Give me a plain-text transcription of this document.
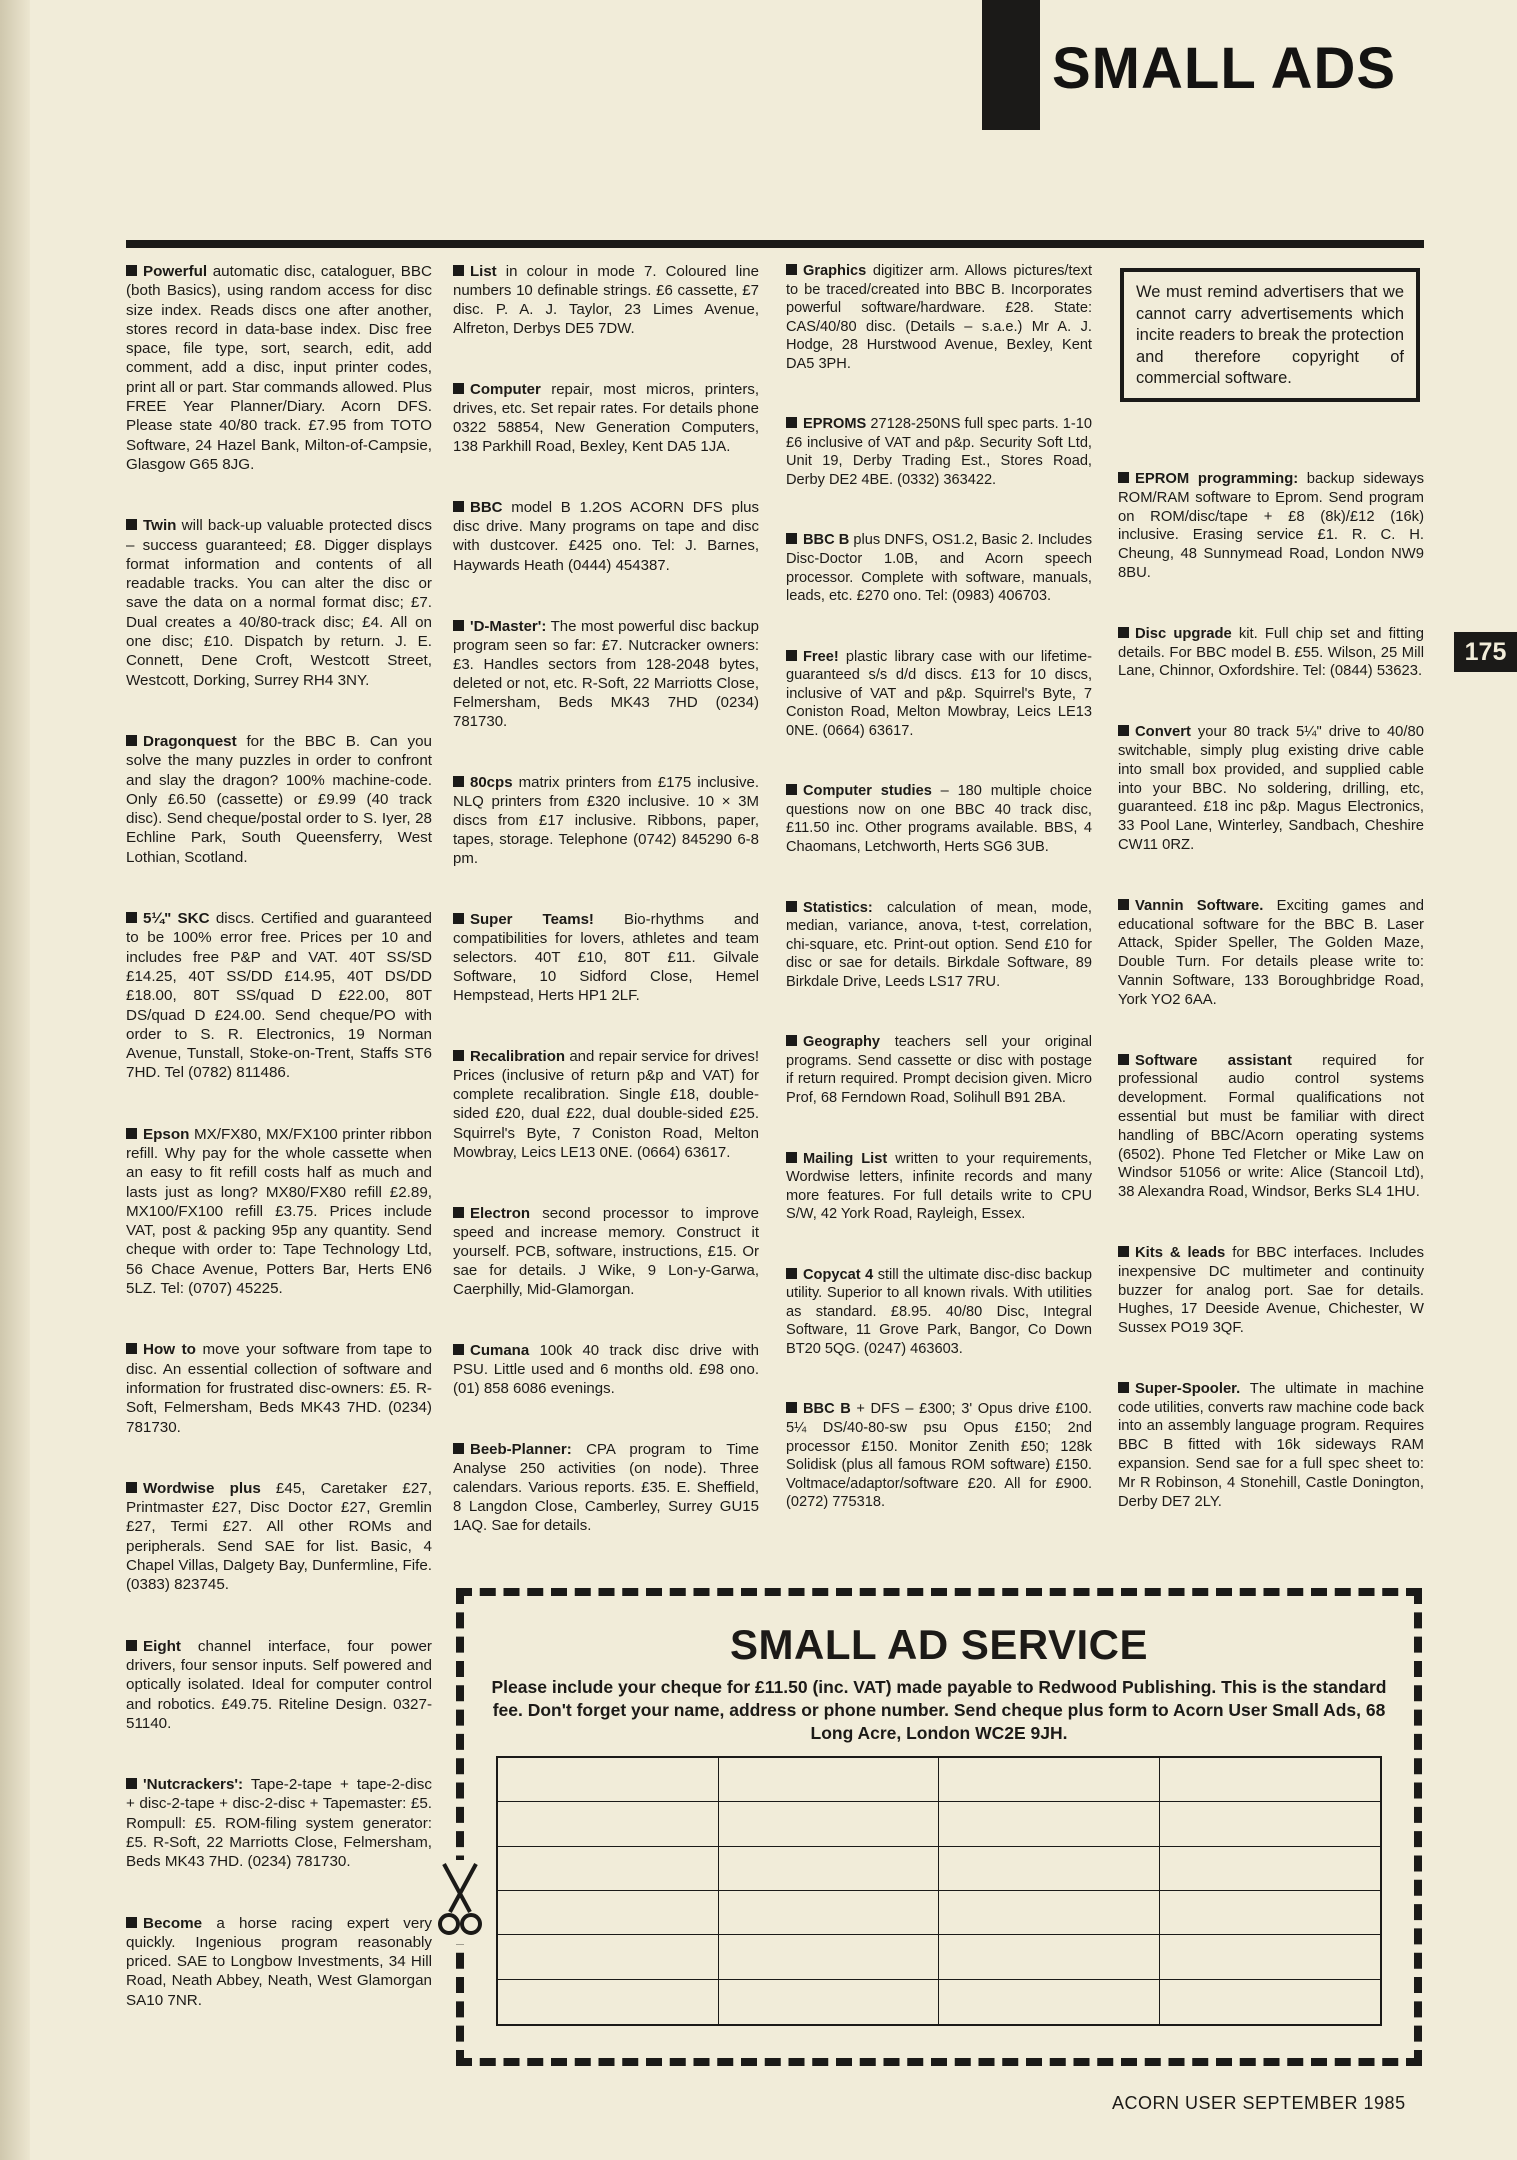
SMALL ADS
175

Powerful automatic disc, cataloguer, BBC (both Basics), using random access for disc size index. Reads discs one after another, stores record in data-base index. Disc free space, file type, sort, search, edit, add comment, add a disc, input printer codes, print all or part. Star commands allowed. Plus FREE Year Planner/Diary. Acorn DFS. Please state 40/80 track. £7.95 from TOTO Software, 24 Hazel Bank, Milton-of-Campsie, Glasgow G65 8JG.

Twin will back-up valuable protected discs – success guaranteed; £8. Digger displays format information and contents of all readable tracks. You can alter the disc or save the data on a normal format disc; £7. Dual creates a 40/80-track disc; £4. All on one disc; £10. Dispatch by return. J. E. Connett, Dene Croft, Westcott Street, Westcott, Dorking, Surrey RH4 3NY.

Dragonquest for the BBC B. Can you solve the many puzzles in order to confront and slay the dragon? 100% machine-code. Only £6.50 (cassette) or £9.99 (40 track disc). Send cheque/postal order to S. Iyer, 28 Echline Park, South Queensferry, West Lothian, Scotland.

5¼" SKC discs. Certified and guaranteed to be 100% error free. Prices per 10 and includes free P&P and VAT. 40T SS/SD £14.25, 40T SS/DD £14.95, 40T DS/DD £18.00, 80T SS/quad D £22.00, 80T DS/quad D £24.00. Send cheque/PO with order to S. R. Electronics, 19 Norman Avenue, Tunstall, Stoke-on-Trent, Staffs ST6 7HD. Tel (0782) 811486.

Epson MX/FX80, MX/FX100 printer ribbon refill. Why pay for the whole cassette when an easy to fit refill costs half as much and lasts just as long? MX80/FX80 refill £2.89, MX100/FX100 refill £3.75. Prices include VAT, post & packing 95p any quantity. Send cheque with order to: Tape Technology Ltd, 56 Chace Avenue, Potters Bar, Herts EN6 5LZ. Tel: (0707) 45225.

How to move your software from tape to disc. An essential collection of software and information for frustrated disc-owners: £5. R-Soft, Felmersham, Beds MK43 7HD. (0234) 781730.

Wordwise plus £45, Caretaker £27, Printmaster £27, Disc Doctor £27, Gremlin £27, Termi £27. All other ROMs and peripherals. Send SAE for list. Basic, 4 Chapel Villas, Dalgety Bay, Dunfermline, Fife. (0383) 823745.

Eight channel interface, four power drivers, four sensor inputs. Self powered and optically isolated. Ideal for computer control and robotics. £49.75. Riteline Design. 0327-51140.

'Nutcrackers': Tape-2-tape + tape-2-disc + disc-2-tape + disc-2-disc + Tapemaster: £5. Rompull: £5. ROM-filing system generator: £5. R-Soft, 22 Marriotts Close, Felmersham, Beds MK43 7HD. (0234) 781730.

Become a horse racing expert very quickly. Ingenious program reasonably priced. SAE to Longbow Investments, 34 Hill Road, Neath Abbey, Neath, West Glamorgan SA10 7NR.

List in colour in mode 7. Coloured line numbers 10 definable strings. £6 cassette, £7 disc. P. A. J. Taylor, 23 Limes Avenue, Alfreton, Derbys DE5 7DW.

Computer repair, most micros, printers, drives, etc. Set repair rates. For details phone 0322 58854, New Generation Computers, 138 Parkhill Road, Bexley, Kent DA5 1JA.

BBC model B 1.2OS ACORN DFS plus disc drive. Many programs on tape and disc with dustcover. £425 ono. Tel: J. Barnes, Haywards Heath (0444) 454387.

'D-Master': The most powerful disc backup program seen so far: £7. Nutcracker owners: £3. Handles sectors from 128-2048 bytes, deleted or not, etc. R-Soft, 22 Marriotts Close, Felmersham, Beds MK43 7HD (0234) 781730.

80cps matrix printers from £175 inclusive. NLQ printers from £320 inclusive. 10 × 3M discs from £17 inclusive. Ribbons, paper, tapes, storage. Telephone (0742) 845290 6-8 pm.

Super Teams! Bio-rhythms and compatibilities for lovers, athletes and team selectors. 40T £10, 80T £11. Gilvale Software, 10 Sidford Close, Hemel Hempstead, Herts HP1 2LF.

Recalibration and repair service for drives! Prices (inclusive of return p&p and VAT) for complete recalibration. Single £18, double-sided £20, dual £22, dual double-sided £25. Squirrel's Byte, 7 Coniston Road, Melton Mowbray, Leics LE13 0NE. (0664) 63617.

Electron second processor to improve speed and increase memory. Construct it yourself. PCB, software, instructions, £15. Or sae for details. J Wike, 9 Lon-y-Garwa, Caerphilly, Mid-Glamorgan.

Cumana 100k 40 track disc drive with PSU. Little used and 6 months old. £98 ono. (01) 858 6086 evenings.

Beeb-Planner: CPA program to Time Analyse 250 activities (on node). Three calendars. Various reports. £35. E. Sheffield, 8 Langdon Close, Camberley, Surrey GU15 1AQ. Sae for details.

Graphics digitizer arm. Allows pictures/text to be traced/created into BBC B. Incorporates powerful software/hardware. £28. State: CAS/40/80 disc. (Details – s.a.e.) Mr A. J. Hodge, 28 Hurstwood Avenue, Bexley, Kent DA5 3PH.

EPROMS 27128-250NS full spec parts. 1-10 £6 inclusive of VAT and p&p. Security Soft Ltd, Unit 19, Derby Trading Est., Stores Road, Derby DE2 4BE. (0332) 363422.

BBC B plus DNFS, OS1.2, Basic 2. Includes Disc-Doctor 1.0B, and Acorn speech processor. Complete with software, manuals, leads, etc. £270 ono. Tel: (0983) 406703.

Free! plastic library case with our lifetime-guaranteed s/s d/d discs. £13 for 10 discs, inclusive of VAT and p&p. Squirrel's Byte, 7 Coniston Road, Melton Mowbray, Leics LE13 0NE. (0664) 63617.

Computer studies – 180 multiple choice questions now on one BBC 40 track disc, £11.50 inc. Other programs available. BBS, 4 Chaomans, Letchworth, Herts SG6 3UB.

Statistics: calculation of mean, mode, median, variance, anova, t-test, correlation, chi-square, etc. Print-out option. Send £10 for disc or sae for details. Birkdale Software, 89 Birkdale Drive, Leeds LS17 7RU.

Geography teachers sell your original programs. Send cassette or disc with postage if return required. Prompt decision given. Micro Prof, 68 Ferndown Road, Solihull B91 2BA.

Mailing List written to your requirements, Wordwise letters, infinite records and many more features. For full details write to CPU S/W, 42 York Road, Rayleigh, Essex.

Copycat 4 still the ultimate disc-disc backup utility. Superior to all known rivals. With utilities as standard. £8.95. 40/80 Disc, Integral Software, 11 Grove Park, Bangor, Co Down BT20 5QG. (0247) 463603.

BBC B + DFS – £300; 3' Opus drive £100. 5¼ DS/40-80-sw psu Opus £150; 2nd processor £150. Monitor Zenith £50; 128k Solidisk (plus all famous ROM software) £150. Voltmace/adaptor/software £20. All for £900. (0272) 775318.

EPROM programming: backup sideways ROM/RAM software to Eprom. Send program on ROM/disc/tape + £8 (8k)/£12 (16k) inclusive. Erasing service £1. R. C. H. Cheung, 48 Sunnymead Road, London NW9 8BU.

Disc upgrade kit. Full chip set and fitting details. For BBC model B. £55. Wilson, 25 Mill Lane, Chinnor, Oxfordshire. Tel: (0844) 53623.

Convert your 80 track 5¼" drive to 40/80 switchable, simply plug existing drive cable into small box provided, and supplied cable into your BBC. No soldering, drilling, etc, guaranteed. £18 inc p&p. Magus Electronics, 33 Pool Lane, Winterley, Sandbach, Cheshire CW11 0RZ.

Vannin Software. Exciting games and educational software for the BBC B. Laser Attack, Spider Speller, The Golden Maze, Double Turn. For details please write to: Vannin Software, 133 Boroughbridge Road, York YO2 6AA.

Software assistant required for professional audio control systems development. Formal qualifications not essential but must be familiar with direct handling of BBC/Acorn operating systems (6502). Phone Ted Fletcher or Mike Law on Windsor 51056 or write: Alice (Stancoil Ltd), 38 Alexandra Road, Windsor, Berks SL4 1HU.

Kits & leads for BBC interfaces. Includes inexpensive DC multimeter and continuity buzzer for analog port. Sae for details. Hughes, 17 Deeside Avenue, Chichester, W Sussex PO19 3QF.

Super-Spooler. The ultimate in machine code utilities, converts raw machine code back into an assembly language program. Requires BBC B fitted with 16k sideways RAM expansion. Send sae for a full spec sheet to: Mr R Robinson, 4 Stonehill, Castle Donington, Derby DE7 2LY.

We must remind advertisers that we cannot carry advertisements which incite readers to break the protection and therefore copyright of commercial software.
SMALL AD SERVICE

Please include your cheque for £11.50 (inc. VAT) made payable to Redwood Publishing. This is the standard fee. Don't forget your name, address or phone number. Send cheque plus form to Acorn User Small Ads, 68 Long Acre, London WC2E 9JH.

ACORN USER SEPTEMBER 1985
